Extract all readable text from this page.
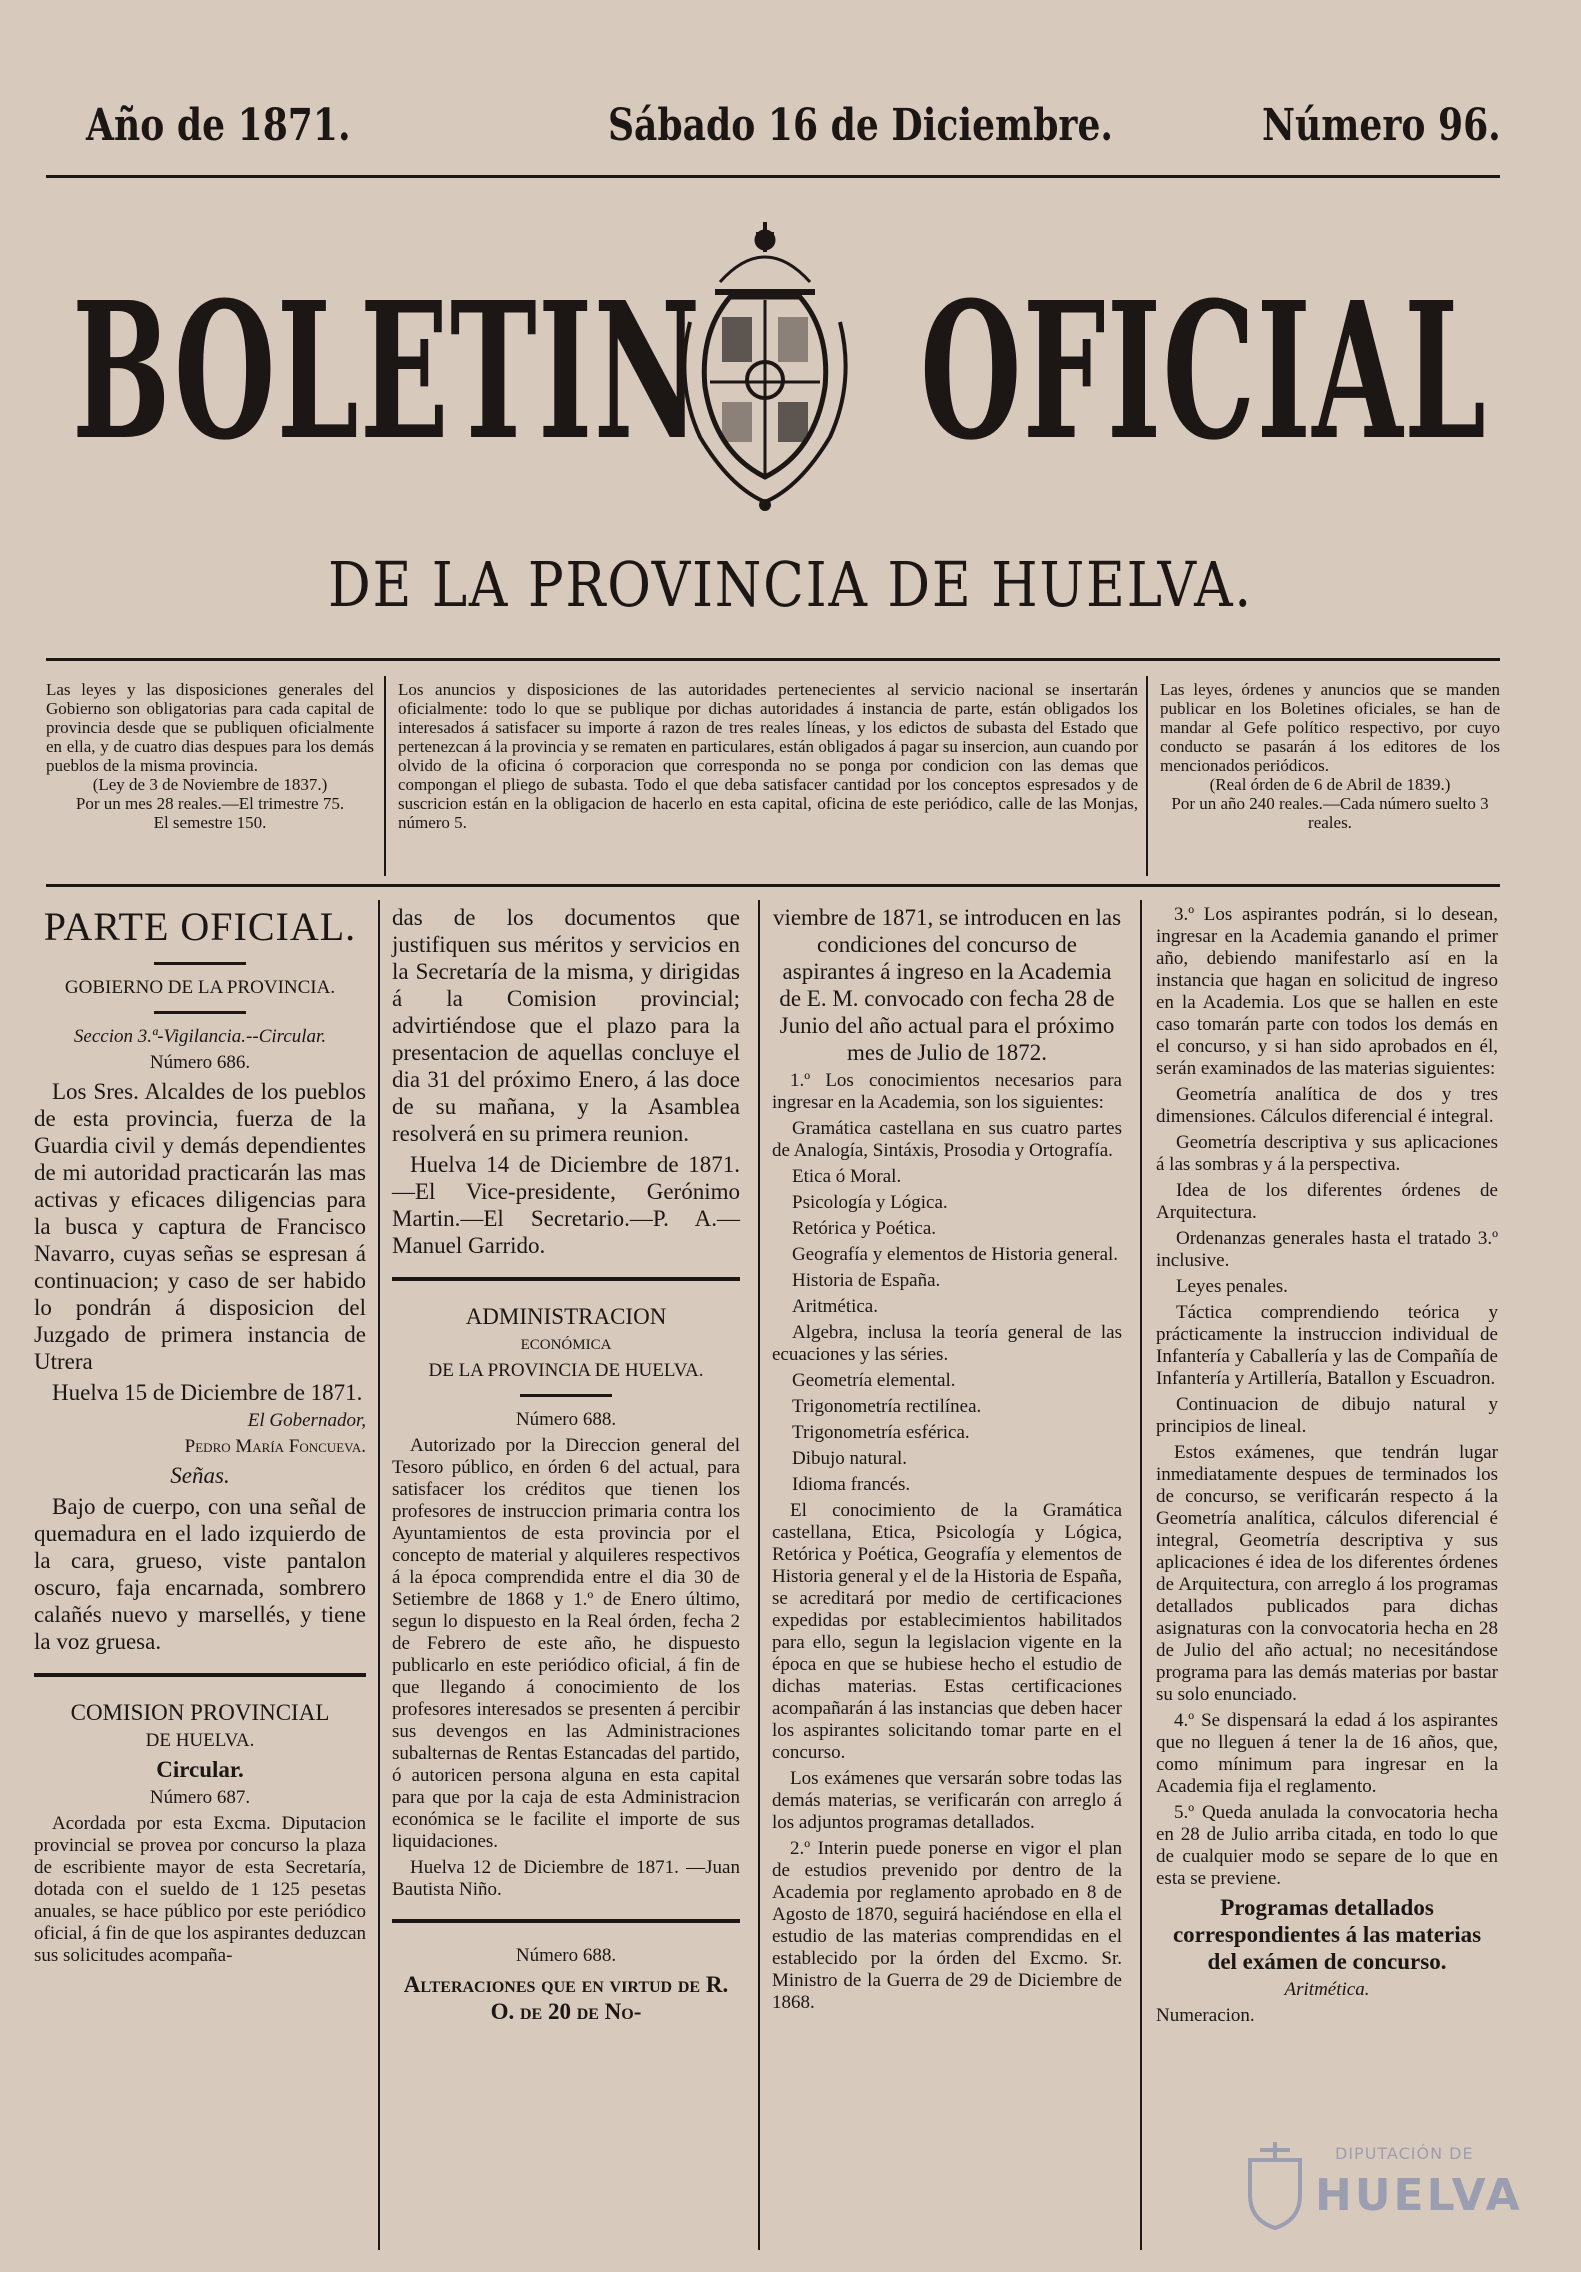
Año de 1871.	Sábado 16 de Diciembre.	Número 96.
BOLETIN OFICIAL
DE LA PROVINCIA DE HUELVA.

Las leyes y las disposiciones generales del Gobierno son obligatorias para cada capital de provincia desde que se publiquen oficialmente en ella, y de cuatro dias despues para los demás pueblos de la misma provincia.

(Ley de 3 de Noviembre de 1837.)

Por un mes 28 reales.—El trimestre 75.

El semestre 150.

Los anuncios y disposiciones de las autoridades pertenecientes al servicio nacional se insertarán oficialmente: todo lo que se publique por dichas autoridades á instancia de parte, están obligados los interesados á satisfacer su importe á razon de tres reales líneas, y los edictos de subasta del Estado que pertenezcan á la provincia y se rematen en particulares, están obligados á pagar su insercion, aun cuando por olvido de la oficina ó corporacion que corresponda no se ponga por condicion con las demas que compongan el pliego de subasta. Todo el que deba satisfacer cantidad por los conceptos espresados y de suscricion están en la obligacion de hacerlo en esta capital, oficina de este periódico, calle de las Monjas, número 5.

Las leyes, órdenes y anuncios que se manden publicar en los Boletines oficiales, se han de mandar al Gefe político respectivo, por cuyo conducto se pasarán á los editores de los mencionados periódicos.

(Real órden de 6 de Abril de 1839.)

Por un año 240 reales.—Cada número suelto 3 reales.

PARTE OFICIAL.

GOBIERNO DE LA PROVINCIA.

Seccion 3.ª-Vigilancia.--Circular.

Número 686.

Los Sres. Alcaldes de los pueblos de esta provincia, fuerza de la Guardia civil y demás dependientes de mi autoridad practicarán las mas activas y eficaces diligencias para la busca y captura de Francisco Navarro, cuyas señas se espresan á continuacion; y caso de ser habido lo pondrán á disposicion del Juzgado de primera instancia de Utrera

Huelva 15 de Diciembre de 1871.

El Gobernador,

Pedro María Foncueva.

Señas.

Bajo de cuerpo, con una señal de quemadura en el lado izquierdo de la cara, grueso, viste pantalon oscuro, faja encarnada, sombrero calañés nuevo y marsellés, y tiene la voz gruesa.

COMISION PROVINCIAL

DE HUELVA.

Circular.

Número 687.

Acordada por esta Excma. Diputacion provincial se provea por concurso la plaza de escribiente mayor de esta Secretaría, dotada con el sueldo de 1 125 pesetas anuales, se hace público por este periódico oficial, á fin de que los aspirantes deduzcan sus solicitudes acompaña-

das de los documentos que justifiquen sus méritos y servicios en la Secretaría de la misma, y dirigidas á la Comision provincial; advirtiéndose que el plazo para la presentacion de aquellas concluye el dia 31 del próximo Enero, á las doce de su mañana, y la Asamblea resolverá en su primera reunion.

Huelva 14 de Diciembre de 1871. —El Vice-presidente, Gerónimo Martin.—El Secretario.—P. A.—Manuel Garrido.

ADMINISTRACION

ECONÓMICA

DE LA PROVINCIA DE HUELVA.

Número 688.

Autorizado por la Direccion general del Tesoro público, en órden 6 del actual, para satisfacer los créditos que tienen los profesores de instruccion primaria contra los Ayuntamientos de esta provincia por el concepto de material y alquileres respectivos á la época comprendida entre el dia 30 de Setiembre de 1868 y 1.º de Enero último, segun lo dispuesto en la Real órden, fecha 2 de Febrero de este año, he dispuesto publicarlo en este periódico oficial, á fin de que llegando á conocimiento de los profesores interesados se presenten á percibir sus devengos en las Administraciones subalternas de Rentas Estancadas del partido, ó autoricen persona alguna en esta capital para que por la caja de esta Administracion económica se le facilite el importe de sus liquidaciones.

Huelva 12 de Diciembre de 1871. —Juan Bautista Niño.

Número 688.

Alteraciones que en virtud de R. O. de 20 de No-

viembre de 1871, se introducen en las condiciones del concurso de aspirantes á ingreso en la Academia de E. M. convocado con fecha 28 de Junio del año actual para el próximo mes de Julio de 1872.

1.º Los conocimientos necesarios para ingresar en la Academia, son los siguientes:

Gramática castellana en sus cuatro partes de Analogía, Sintáxis, Prosodia y Ortografía.

Etica ó Moral.

Psicología y Lógica.

Retórica y Poética.

Geografía y elementos de Historia general.

Historia de España.

Aritmética.

Algebra, inclusa la teoría general de las ecuaciones y las séries.

Geometría elemental.

Trigonometría rectilínea.

Trigonometría esférica.

Dibujo natural.

Idioma francés.

El conocimiento de la Gramática castellana, Etica, Psicología y Lógica, Retórica y Poética, Geografía y elementos de Historia general y el de la Historia de España, se acreditará por medio de certificaciones expedidas por establecimientos habilitados para ello, segun la legislacion vigente en la época en que se hubiese hecho el estudio de dichas materias. Estas certificaciones acompañarán á las instancias que deben hacer los aspirantes solicitando tomar parte en el concurso.

Los exámenes que versarán sobre todas las demás materias, se verificarán con arreglo á los adjuntos programas detallados.

2.º Interin puede ponerse en vigor el plan de estudios prevenido por dentro de la Academia por reglamento aprobado en 8 de Agosto de 1870, seguirá haciéndose en ella el estudio de las materias comprendidas en el establecido por la órden del Excmo. Sr. Ministro de la Guerra de 29 de Diciembre de 1868.

3.º Los aspirantes podrán, si lo desean, ingresar en la Academia ganando el primer año, debiendo manifestarlo así en la instancia que hagan en solicitud de ingreso en la Academia. Los que se hallen en este caso tomarán parte con todos los demás en el concurso, y si han sido aprobados en él, serán examinados de las materias siguientes:

Geometría analítica de dos y tres dimensiones. Cálculos diferencial é integral.

Geometría descriptiva y sus aplicaciones á las sombras y á la perspectiva.

Idea de los diferentes órdenes de Arquitectura.

Ordenanzas generales hasta el tratado 3.º inclusive.

Leyes penales.

Táctica comprendiendo teórica y prácticamente la instruccion individual de Infantería y Caballería y las de Compañía de Infantería y Artillería, Batallon y Escuadron.

Continuacion de dibujo natural y principios de lineal.

Estos exámenes, que tendrán lugar inmediatamente despues de terminados los de concurso, se verificarán respecto á la Geometría analítica, cálculos diferencial é integral, Geometría descriptiva y sus aplicaciones é idea de los diferentes órdenes de Arquitectura, con arreglo á los programas detallados publicados para dichas asignaturas con la convocatoria hecha en 28 de Julio del año actual; no necesitándose programa para las demás materias por bastar su solo enunciado.

4.º Se dispensará la edad á los aspirantes que no lleguen á tener la de 16 años, que, como mínimum para ingresar en la Academia fija el reglamento.

5.º Queda anulada la convocatoria hecha en 28 de Julio arriba citada, en todo lo que de cualquier modo se separe de lo que en esta se previene.

Programas detallados correspondientes á las materias del exámen de concurso.

Aritmética.

Numeracion.

DIPUTACIÓN DE
HUELVA
